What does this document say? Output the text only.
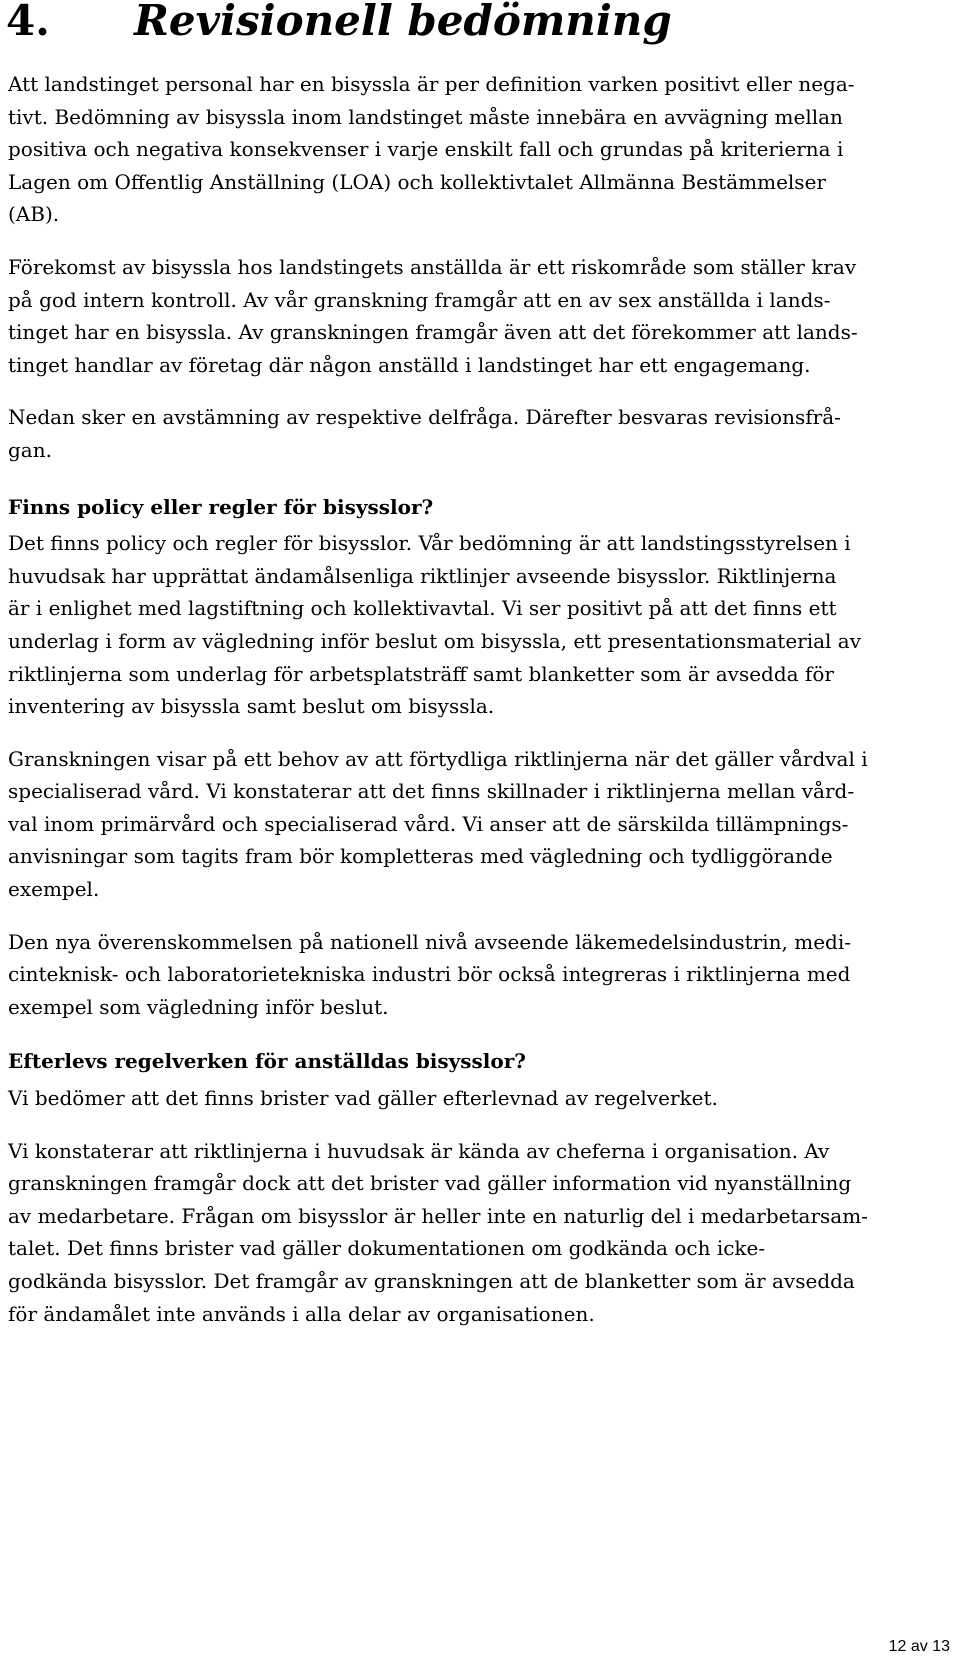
4. Revisionell bedömning

Att landstinget personal har en bisyssla är per definition varken positivt eller nega-
tivt. Bedömning av bisyssla inom landstinget måste innebära en avvägning mellan
positiva och negativa konsekvenser i varje enskilt fall och grundas på kriterierna i
Lagen om Offentlig Anställning (LOA) och kollektivtalet Allmänna Bestämmelser
(AB).

Förekomst av bisyssla hos landstingets anställda är ett riskområde som ställer krav
på god intern kontroll. Av vår granskning framgår att en av sex anställda i lands-
tinget har en bisyssla. Av granskningen framgår även att det förekommer att lands-
tinget handlar av företag där någon anställd i landstinget har ett engagemang.

Nedan sker en avstämning av respektive delfråga. Därefter besvaras revisionsfrå-
gan.

Finns policy eller regler för bisysslor?

Det finns policy och regler för bisysslor. Vår bedömning är att landstingsstyrelsen i
huvudsak har upprättat ändamålsenliga riktlinjer avseende bisysslor. Riktlinjerna
är i enlighet med lagstiftning och kollektivavtal. Vi ser positivt på att det finns ett
underlag i form av vägledning inför beslut om bisyssla, ett presentationsmaterial av
riktlinjerna som underlag för arbetsplatsträff samt blanketter som är avsedda för
inventering av bisyssla samt beslut om bisyssla.

Granskningen visar på ett behov av att förtydliga riktlinjerna när det gäller vårdval i
specialiserad vård. Vi konstaterar att det finns skillnader i riktlinjerna mellan vård-
val inom primärvård och specialiserad vård. Vi anser att de särskilda tillämpnings-
anvisningar som tagits fram bör kompletteras med vägledning och tydliggörande
exempel.

Den nya överenskommelsen på nationell nivå avseende läkemedelsindustrin, medi-
cinteknisk- och laboratorietekniska industri bör också integreras i riktlinjerna med
exempel som vägledning inför beslut.

Efterlevs regelverken för anställdas bisysslor?

Vi bedömer att det finns brister vad gäller efterlevnad av regelverket.

Vi konstaterar att riktlinjerna i huvudsak är kända av cheferna i organisation. Av
granskningen framgår dock att det brister vad gäller information vid nyanställning
av medarbetare. Frågan om bisysslor är heller inte en naturlig del i medarbetarsam-
talet. Det finns brister vad gäller dokumentationen om godkända och icke-
godkända bisysslor. Det framgår av granskningen att de blanketter som är avsedda
för ändamålet inte används i alla delar av organisationen.

12 av 13
